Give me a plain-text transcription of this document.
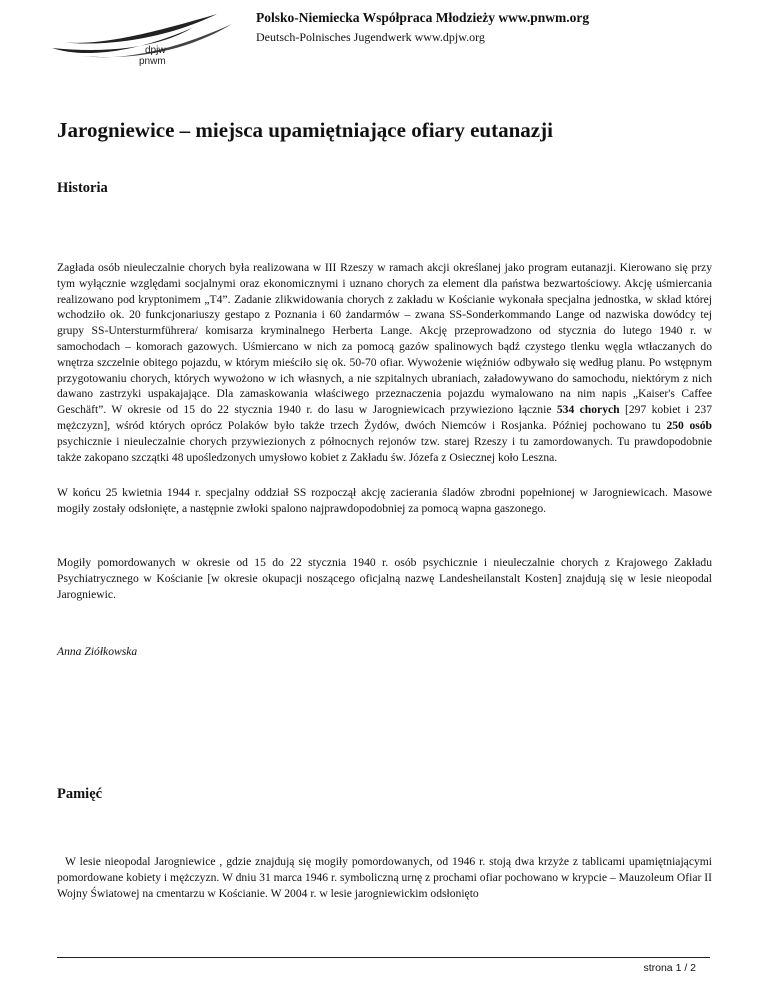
dpjw
pnwm
Polsko-Niemiecka Współpraca Młodzieży www.pnwm.org
Deutsch-Polnisches Jugendwerk www.dpjw.org
Jarogniewice – miejsca upamiętniające ofiary eutanazji
Historia

Zagłada osób nieuleczalnie chorych była realizowana w III Rzeszy w ramach akcji określanej jako program eutanazji. Kierowano się przy tym wyłącznie względami socjalnymi oraz ekonomicznymi i uznano chorych za element dla państwa bezwartościowy. Akcję uśmiercania realizowano pod kryptonimem „T4”. Zadanie zlikwidowania chorych z zakładu w Kościanie wykonała specjalna jednostka, w skład której wchodziło ok. 20 funkcjonariuszy gestapo z Poznania i 60 żandarmów – zwana SS-Sonderkommando Lange od nazwiska dowódcy tej grupy SS-Untersturmführera/ komisarza kryminalnego Herberta Lange. Akcję przeprowadzono od stycznia do lutego 1940 r. w samochodach – komorach gazowych. Uśmiercano w nich za pomocą gazów spalinowych bądź czystego tlenku węgla wtłaczanych do wnętrza szczelnie obitego pojazdu, w którym mieściło się ok. 50-70 ofiar. Wywożenie więźniów odbywało się według planu. Po wstępnym przygotowaniu chorych, których wywożono w ich własnych, a nie szpitalnych ubraniach, załadowywano do samochodu, niektórym z nich dawano zastrzyki uspakajające. Dla zamaskowania właściwego przeznaczenia pojazdu wymalowano na nim napis „Kaiser's Caffee Geschäft”. W okresie od 15 do 22 stycznia 1940 r. do lasu w Jarogniewicach przywieziono łącznie 534 chorych [297 kobiet i 237 mężczyzn], wśród których oprócz Polaków było także trzech Żydów, dwóch Niemców i Rosjanka. Później pochowano tu 250 osób psychicznie i nieuleczalnie chorych przywiezionych z północnych rejonów tzw. starej Rzeszy i tu zamordowanych. Tu prawdopodobnie także zakopano szczątki 48 upośledzonych umysłowo kobiet z Zakładu św. Józefa z Osiecznej koło Leszna.

W końcu 25 kwietnia 1944 r. specjalny oddział SS rozpoczął akcję zacierania śladów zbrodni popełnionej w Jarogniewicach. Masowe mogiły zostały odsłonięte, a następnie zwłoki spalono najprawdopodobniej za pomocą wapna gaszonego.

Mogiły pomordowanych w okresie od 15 do 22 stycznia 1940 r. osób psychicznie i nieuleczalnie chorych z Krajowego Zakładu Psychiatrycznego w Kościanie [w okresie okupacji noszącego oficjalną nazwę Landesheilanstalt Kosten] znajdują się w lesie nieopodal Jarogniewic.

Anna Ziółkowska
Pamięć

W lesie nieopodal Jarogniewice , gdzie znajdują się mogiły pomordowanych, od 1946 r. stoją dwa krzyże z tablicami upamiętniającymi pomordowane kobiety i mężczyzn. W dniu 31 marca 1946 r. symboliczną urnę z prochami ofiar pochowano w krypcie – Mauzoleum Ofiar II Wojny Światowej na cmentarzu w Kościanie. W 2004 r. w lesie jarogniewickim odsłonięto

strona 1 / 2
